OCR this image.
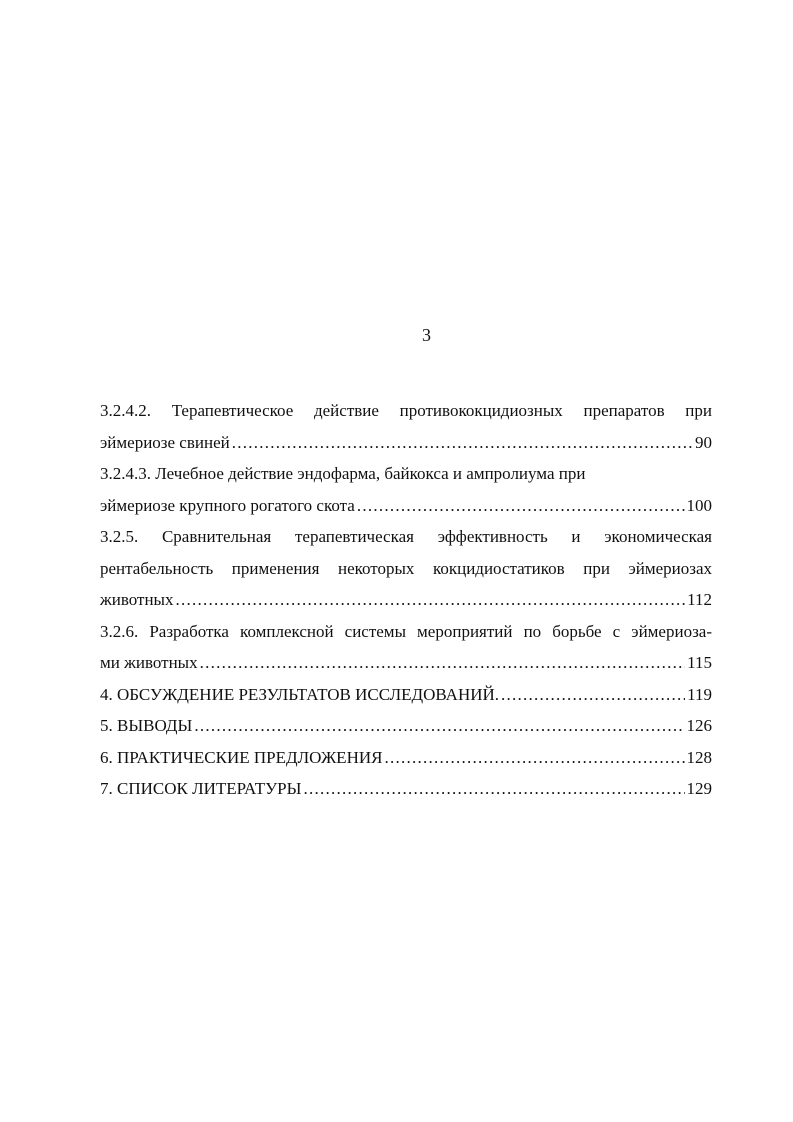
3
3.2.4.2. Терапевтическое действие противококцидиозных препаратов при
эймериозе свиней . . .	90
3.2.4.3. Лечебное действие эндофарма, байкокса и ампролиума при
эймериозе крупного рогатого скота . . .	100
3.2.5. Сравнительная терапевтическая эффективность и экономическая
рентабельность применения некоторых кокцидиостатиков при эймериозах
животных . . .	112
3.2.6. Разработка комплексной системы мероприятий по борьбе с эймериоза-
ми животных . . .	115
4. ОБСУЖДЕНИЕ РЕЗУЛЬТАТОВ ИССЛЕДОВАНИЙ. . . .	119
5. ВЫВОДЫ . . .	126
6. ПРАКТИЧЕСКИЕ ПРЕДЛОЖЕНИЯ . . .	128
7. СПИСОК ЛИТЕРАТУРЫ . . .	129
